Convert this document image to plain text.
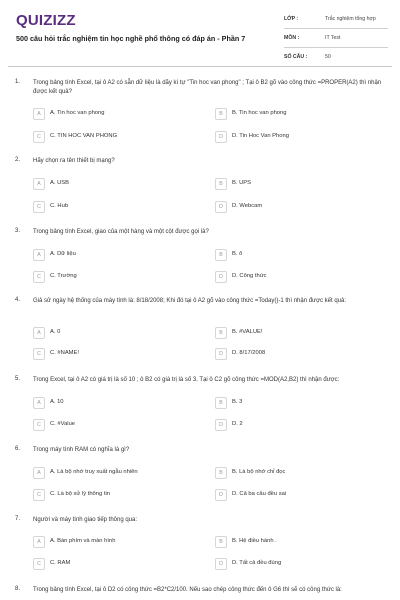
QUIZIZZ
500 câu hỏi trắc nghiệm tin học nghề phổ thông có đáp án - Phần 7
LỚP :	Trắc nghiệm tổng hợp
MÔN :	IT Test
SỐ CÂU :	50
1. Trong bảng tính Excel, tại ô A2 có sẵn dữ liệu là dãy kí tự "Tin hoc van phong" ; Tại ô B2 gõ vào công thức =PROPER(A2) thì nhận được kết quả?
A	A. Tin hoc van phong	B	B. Tin hoc van phong
C	C. TIN HOC VAN PHONG	D	D. Tin Hoc Van Phong
2. Hãy chọn ra tên thiết bị mạng?
A	A. USB	B	B. UPS
C	C. Hub	D	D. Webcam
3. Trong bảng tính Excel, giao của một hàng và một cột được gọi là?
A	A. Dữ liệu	B	B. ô
C	C. Trường	D	D. Công thức
4. Giả sử ngày hệ thống của máy tính là: 8/18/2008; Khi đó tại ô A2 gõ vào công thức =Today()-1 thì nhận được kết quả:
A	A. 0	B	B. #VALUE!
C	C. #NAME!	D	D. 8/17/2008
5. Trong Excel, tại ô A2 có giá trị là số 10 ; ô B2 có giá trị là số 3. Tại ô C2 gõ công thức =MOD(A2,B2) thì nhận được:
A	A. 10	B	B. 3
C	C. #Value	D	D. 2
6. Trong máy tính RAM có nghĩa là gì?
A	A. Là bộ nhớ truy xuất ngẫu nhiên	B	B. Là bộ nhớ chỉ đọc
C	C. Là bộ xử lý thông tin	D	D. Cả ba câu đều sai
7. Người và máy tính giao tiếp thông qua:
A	A. Bàn phím và màn hình	B	B. Hệ điều hành .
C	C. RAM	D	D. Tất cả đều đúng
8. Trong bảng tính Excel, tại ô D2 có công thức =B2*C2/100. Nếu sao chép công thức đến ô G6 thì sẽ có công thức là:
